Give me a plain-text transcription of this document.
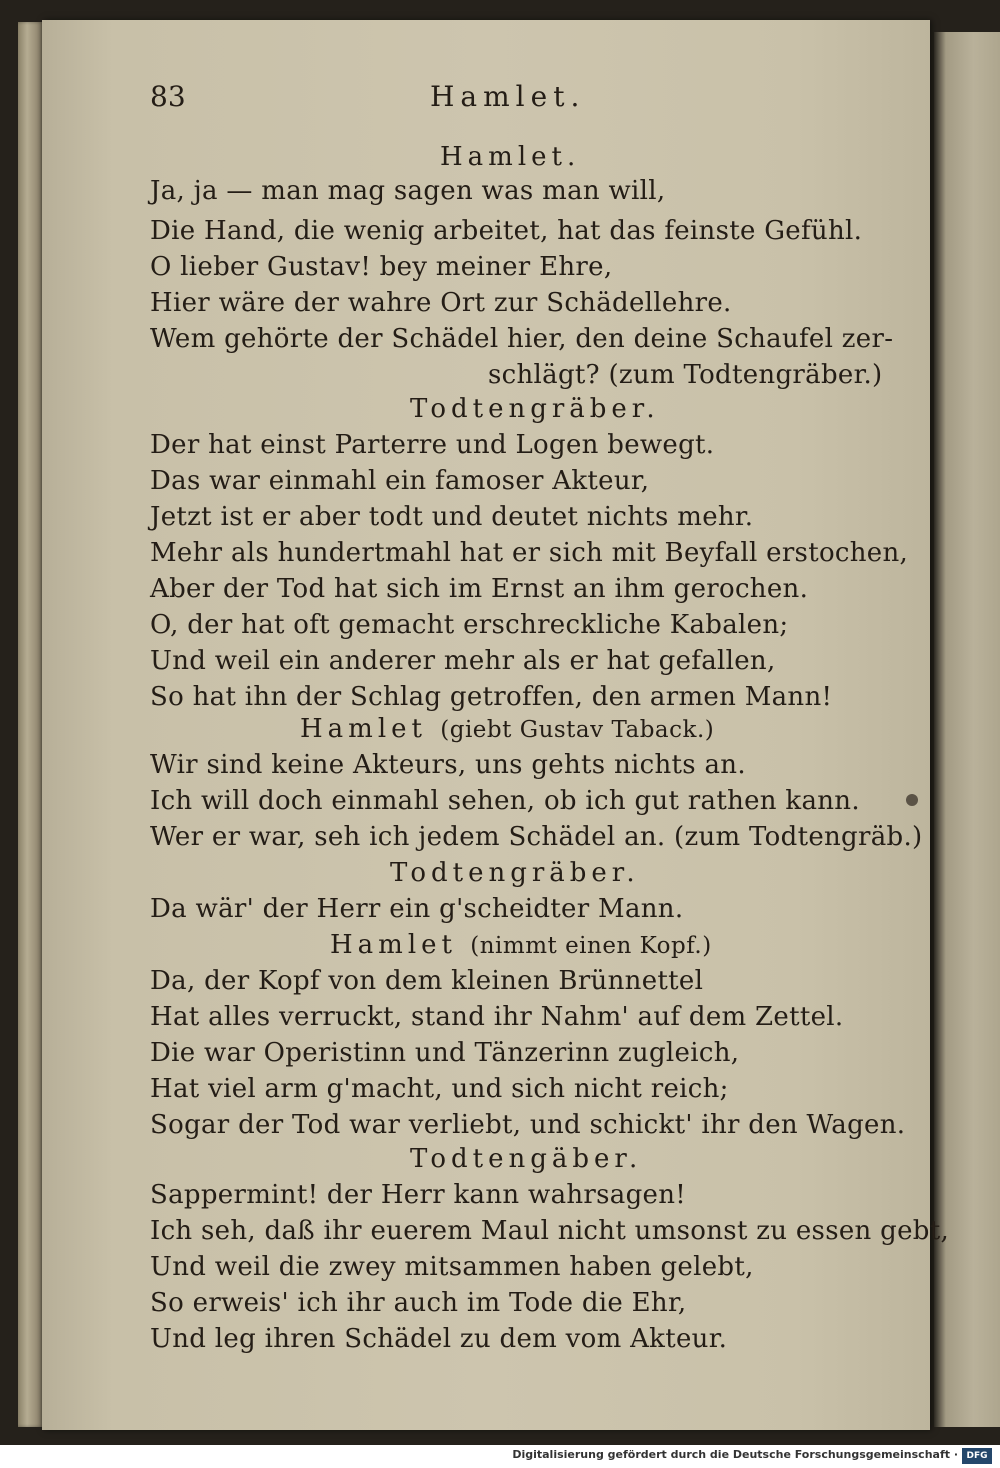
83	Hamlet.
Hamlet.
Ja, ja — man mag sagen was man will,
Die Hand, die wenig arbeitet, hat das feinste Gefühl.
O lieber Gustav! bey meiner Ehre,
Hier wäre der wahre Ort zur Schädellehre.
Wem gehörte der Schädel hier, den deine Schaufel zer-
schlägt? (zum Todtengräber.)
Todtengräber.
Der hat einst Parterre und Logen bewegt.
Das war einmahl ein famoser Akteur,
Jetzt ist er aber todt und deutet nichts mehr.
Mehr als hundertmahl hat er sich mit Beyfall erstochen,
Aber der Tod hat sich im Ernst an ihm gerochen.
O, der hat oft gemacht erschreckliche Kabalen;
Und weil ein anderer mehr als er hat gefallen,
So hat ihn der Schlag getroffen, den armen Mann!
Hamlet (giebt Gustav Taback.)
Wir sind keine Akteurs, uns gehts nichts an.
Ich will doch einmahl sehen, ob ich gut rathen kann.
Wer er war, seh ich jedem Schädel an. (zum Todtengräb.)
Todtengräber.
Da wär' der Herr ein g'scheidter Mann.
Hamlet (nimmt einen Kopf.)
Da, der Kopf von dem kleinen Brünnettel
Hat alles verruckt, stand ihr Nahm' auf dem Zettel.
Die war Operistinn und Tänzerinn zugleich,
Hat viel arm g'macht, und sich nicht reich;
Sogar der Tod war verliebt, und schickt' ihr den Wagen.
Todtengäber.
Sappermint! der Herr kann wahrsagen!
Ich seh, daß ihr euerem Maul nicht umsonst zu essen gebt,
Und weil die zwey mitsammen haben gelebt,
So erweis' ich ihr auch im Tode die Ehr,
Und leg ihren Schädel zu dem vom Akteur.
Digitalisierung gefördert durch die Deutsche Forschungsgemeinschaft · DFG
